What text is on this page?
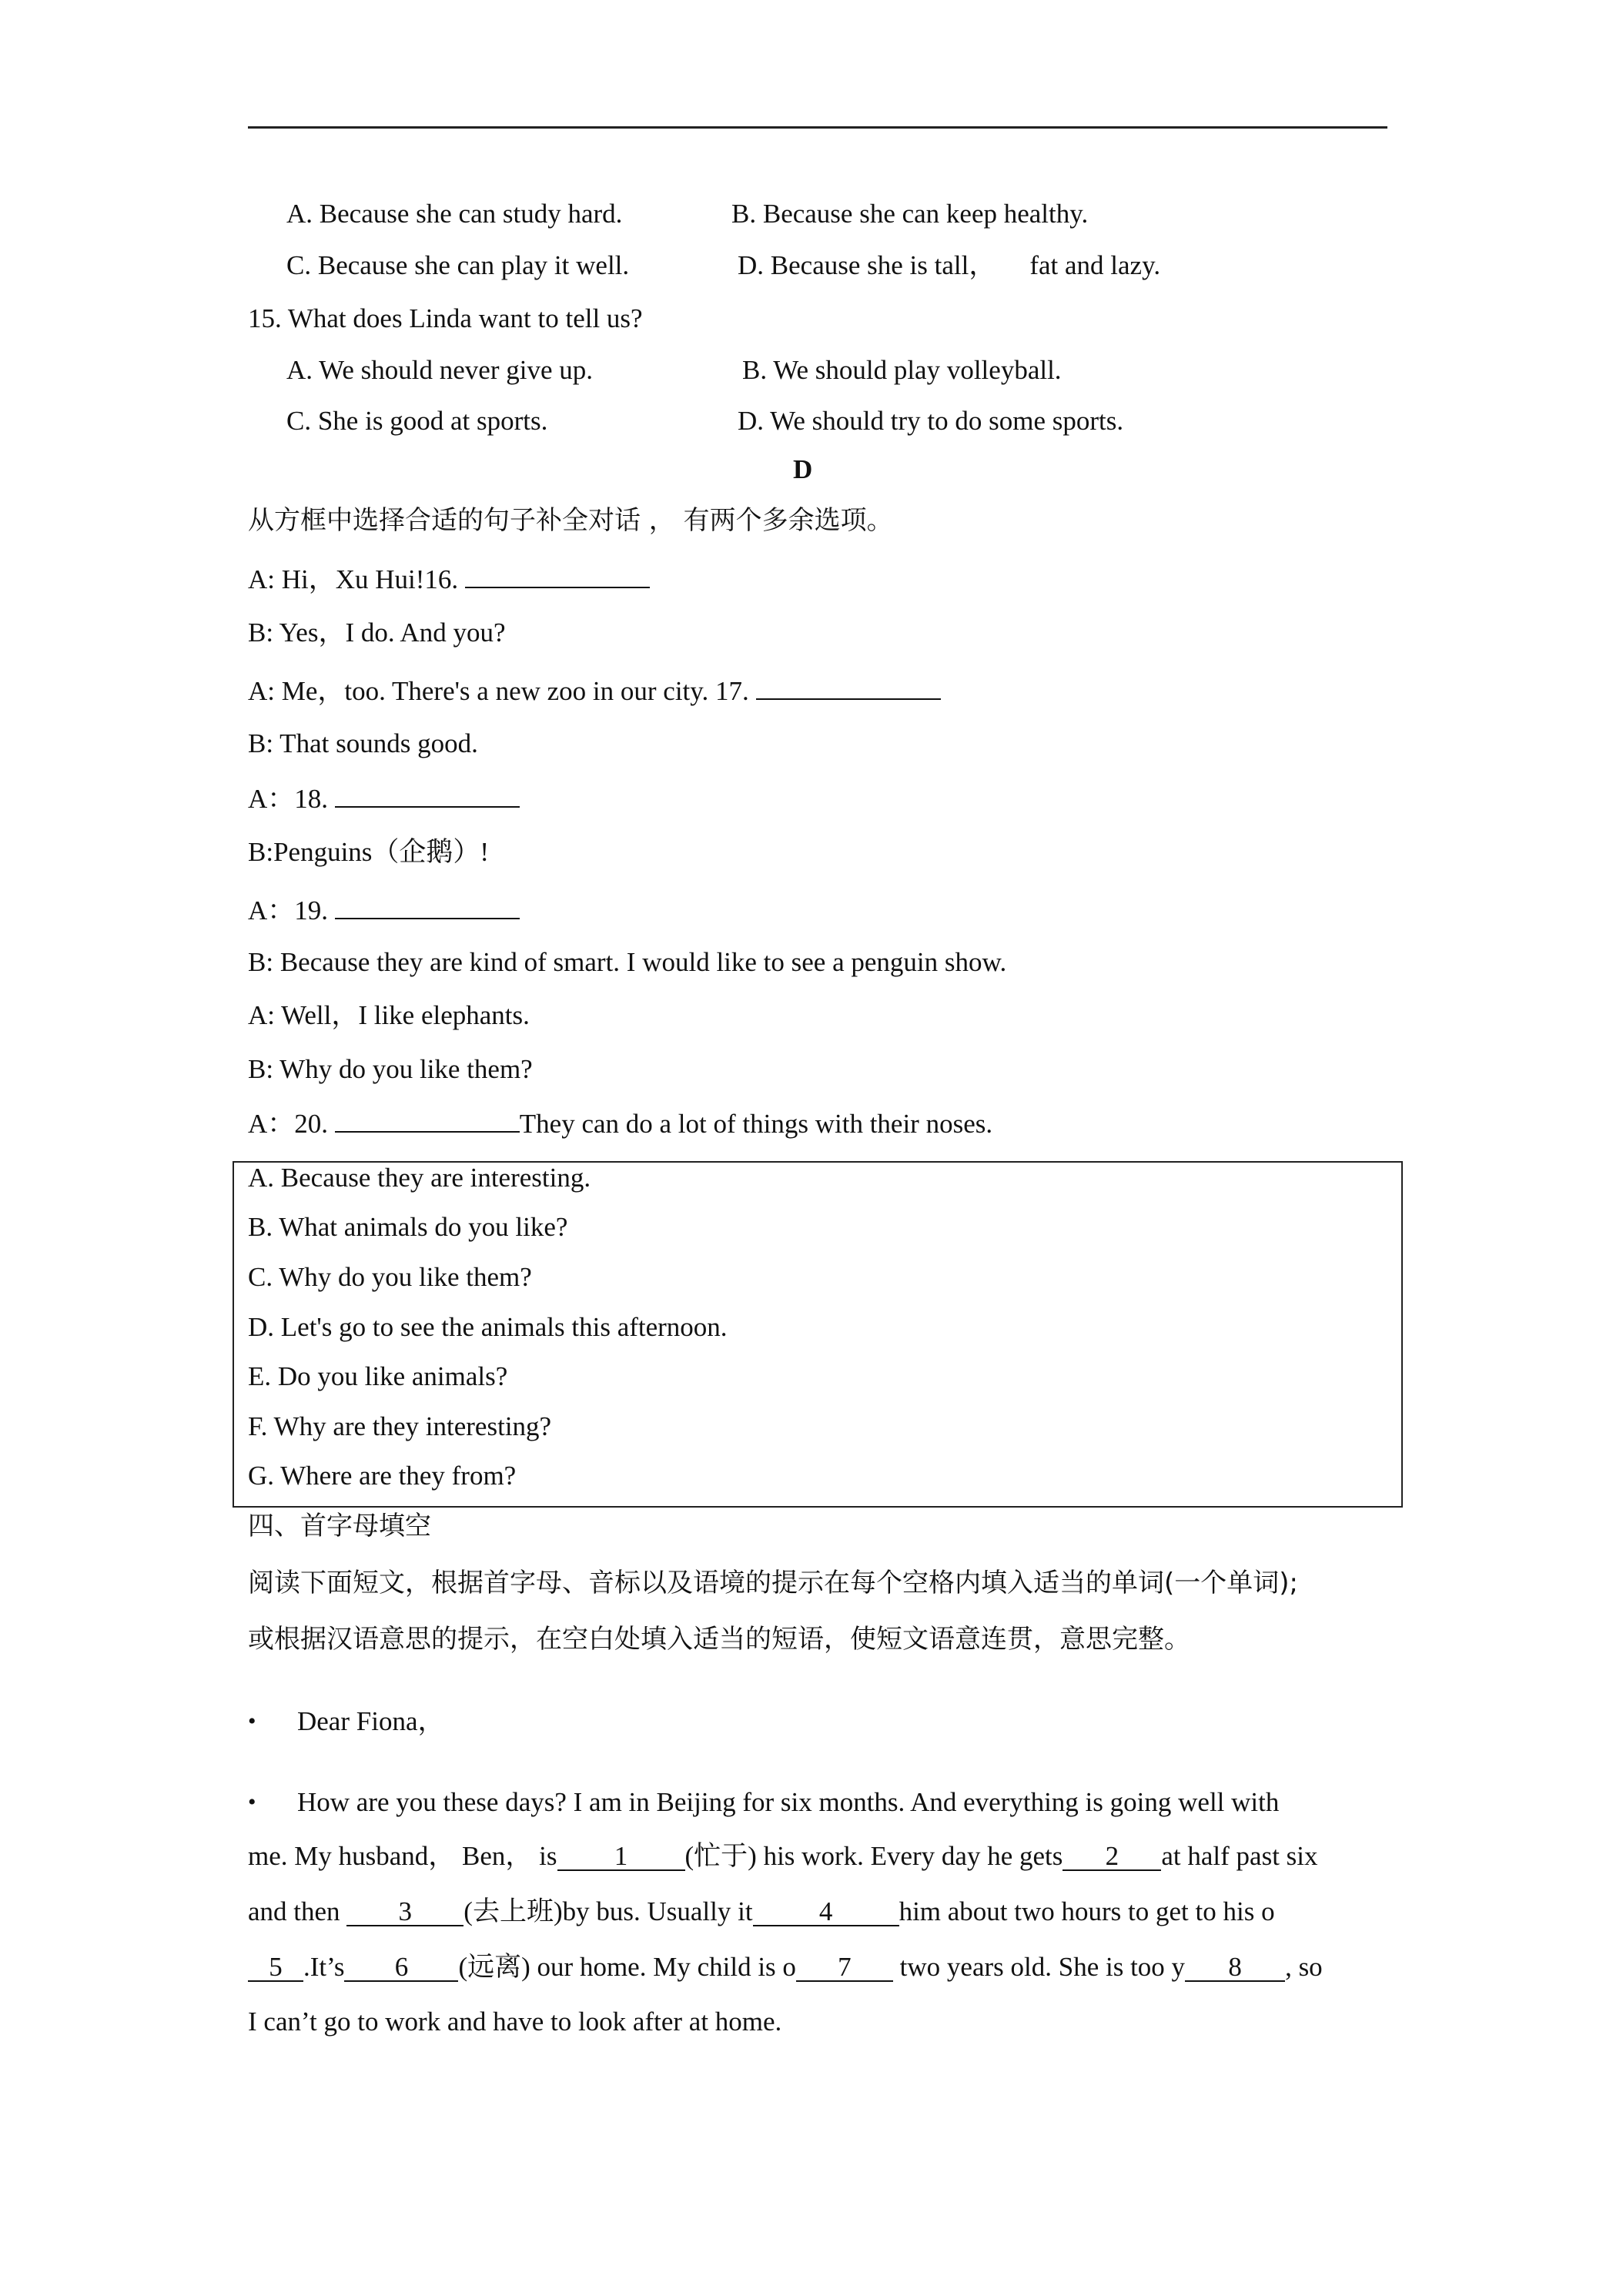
A. Because she can study hard.	B. Because she can keep healthy.
C. Because she can play it well.	D. Because she is tall， fat and lazy.
15. What does Linda want to tell us?
A. We should never give up.	B. We should play volleyball.
C. She is good at sports.	D. We should try to do some sports.
D
从方框中选择合适的句子补全对话 ， 有两个多余选项。
A: Hi，Xu Hui!16.
B: Yes，I do. And you?
A: Me，too. There's a new zoo in our city. 17.
B: That sounds good.
A：18.
B:Penguins（企鹅）!
A：19.
B: Because they are kind of smart. I would like to see a penguin show.
A: Well，I like elephants.
B: Why do you like them?
A：20.	They can do a lot of things with their noses.
A. Because they are interesting.
B. What animals do you like?
C. Why do you like them?
D. Let's go to see the animals this afternoon.
E. Do you like animals?
F. Why are they interesting?
G. Where are they from?
四、首字母填空
阅读下面短文，根据首字母、音标以及语境的提示在每个空格内填入适当的单词(一个单词);
或根据汉语意思的提示，在空白处填入适当的短语，使短文语意连贯，意思完整。
• Dear Fiona，
• How are you these days? I am in Beijing for six months. And everything is going well with
me. My husband， Ben， is 1 (忙于) his work. Every day he gets 2 at half past six
and then 3 (去上班)by bus. Usually it 4 him about two hours to get to his o
5 .It’s 6 (远离) our home. My child is o 7 two years old. She is too y 8 , so
I can’t go to work and have to look after at home.
